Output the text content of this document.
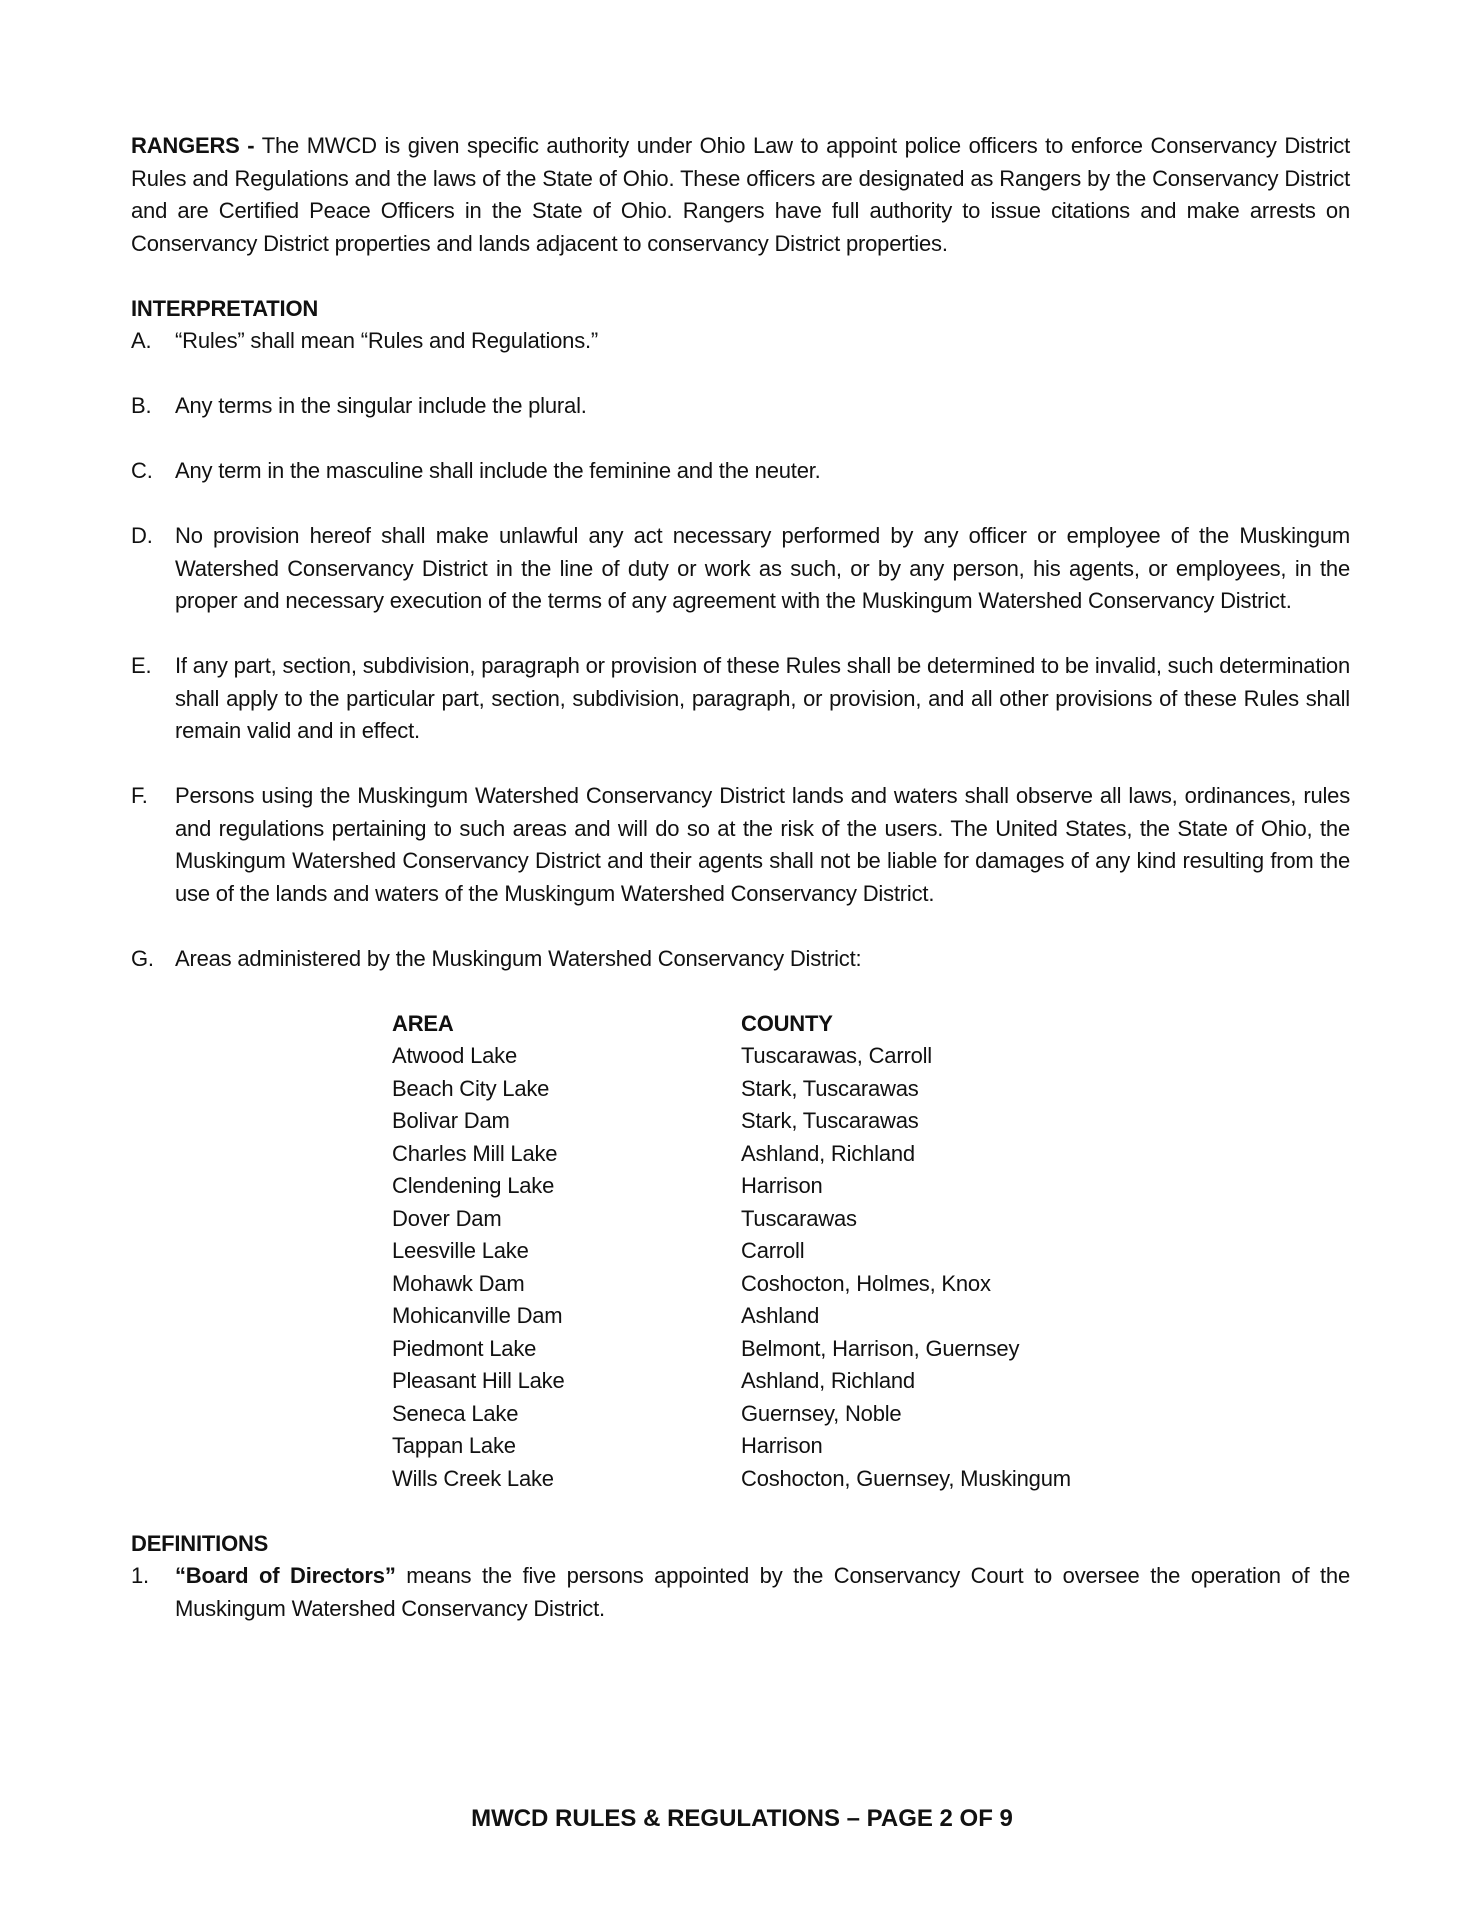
RANGERS - The MWCD is given specific authority under Ohio Law to appoint police officers to enforce Conservancy District Rules and Regulations and the laws of the State of Ohio. These officers are designated as Rangers by the Conservancy District and are Certified Peace Officers in the State of Ohio. Rangers have full authority to issue citations and make arrests on Conservancy District properties and lands adjacent to conservancy District properties.

INTERPRETATION

A.	“Rules” shall mean “Rules and Regulations.”
B.	Any terms in the singular include the plural.
C.	Any term in the masculine shall include the feminine and the neuter.
D.	No provision hereof shall make unlawful any act necessary performed by any officer or employee of the Muskingum Watershed Conservancy District in the line of duty or work as such, or by any person, his agents, or employees, in the proper and necessary execution of the terms of any agreement with the Muskingum Watershed Conservancy District.
E.	If any part, section, subdivision, paragraph or provision of these Rules shall be determined to be invalid, such determination shall apply to the particular part, section, subdivision, paragraph, or provision, and all other provisions of these Rules shall remain valid and in effect.
F.	Persons using the Muskingum Watershed Conservancy District lands and waters shall observe all laws, ordinances, rules and regulations pertaining to such areas and will do so at the risk of the users. The United States, the State of Ohio, the Muskingum Watershed Conservancy District and their agents shall not be liable for damages of any kind resulting from the use of the lands and waters of the Muskingum Watershed Conservancy District.
G. Areas administered by the Muskingum Watershed Conservancy District:
AREA	COUNTY
Atwood Lake	Tuscarawas, Carroll
Beach City Lake	Stark, Tuscarawas
Bolivar Dam	Stark, Tuscarawas
Charles Mill Lake	Ashland, Richland
Clendening Lake	Harrison
Dover Dam	Tuscarawas
Leesville Lake	Carroll
Mohawk Dam	Coshocton, Holmes, Knox
Mohicanville Dam	Ashland
Piedmont Lake	Belmont, Harrison, Guernsey
Pleasant Hill Lake	Ashland, Richland
Seneca Lake	Guernsey, Noble
Tappan Lake	Harrison
Wills Creek Lake	Coshocton, Guernsey, Muskingum

DEFINITIONS

1.	“Board of Directors” means the five persons appointed by the Conservancy Court to oversee the operation of the Muskingum Watershed Conservancy District.
MWCD RULES & REGULATIONS – PAGE 2 OF 9
